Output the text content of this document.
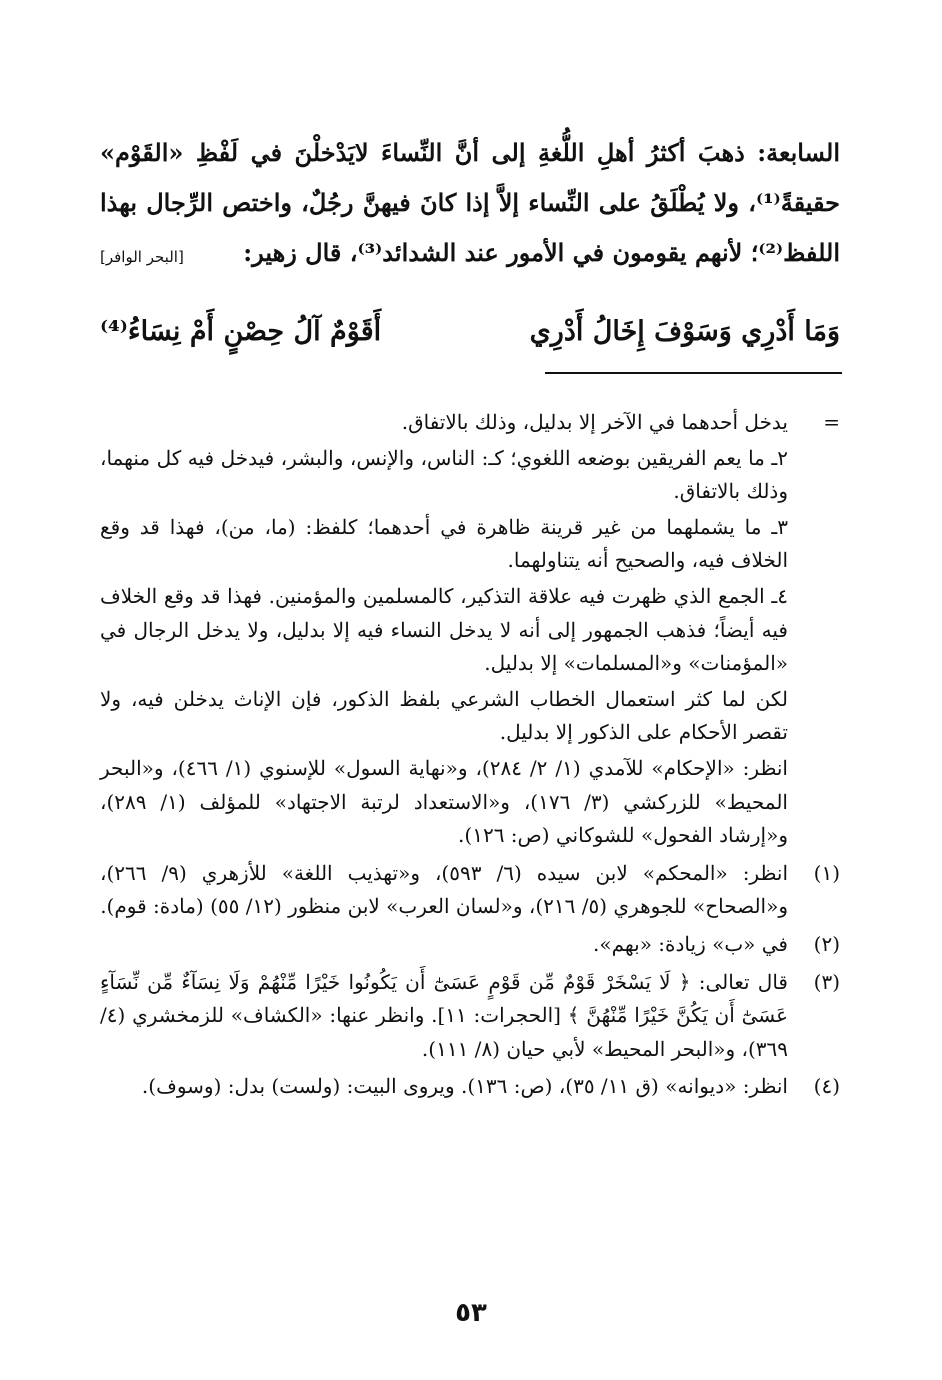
السابعة: ذهبَ أكثرُ أهلِ اللُّغةِ إلى أنَّ النِّساءَ لايَدْخلْنَ في لَفْظِ «القَوْم» حقيقةً⁽¹⁾، ولا يُطْلَقُ على النِّساء إلاَّ إذا كانَ فيهنَّ رجُلٌ، واختص الرِّجال بهذا اللفظ⁽²⁾؛ لأنهم يقومون في الأمور عند الشدائد⁽³⁾، قال زهير:
[البحر الوافر]

وَمَا أَدْرِي وَسَوْفَ إِخَالُ أَدْرِي
أَقَوْمٌ آلُ حِصْنٍ أَمْ نِسَاءُ⁽⁴⁾
=
يدخل أحدهما في الآخر إلا بدليل، وذلك بالاتفاق.
٢ـ ما يعم الفريقين بوضعه اللغوي؛ كـ: الناس، والإنس، والبشر، فيدخل فيه كل منهما، وذلك بالاتفاق.
٣ـ ما يشملهما من غير قرينة ظاهرة في أحدهما؛ كلفظ: (ما، من)، فهذا قد وقع الخلاف فيه، والصحيح أنه يتناولهما.
٤ـ الجمع الذي ظهرت فيه علاقة التذكير، كالمسلمين والمؤمنين. فهذا قد وقع الخلاف فيه أيضاً؛ فذهب الجمهور إلى أنه لا يدخل النساء فيه إلا بدليل، ولا يدخل الرجال في «المؤمنات» و«المسلمات» إلا بدليل.
لكن لما كثر استعمال الخطاب الشرعي بلفظ الذكور، فإن الإناث يدخلن فيه، ولا تقصر الأحكام على الذكور إلا بدليل.
انظر: «الإحكام» للآمدي (١/ ٢/ ٢٨٤)، و«نهاية السول» للإسنوي (١/ ٤٦٦)، و«البحر المحيط» للزركشي (٣/ ١٧٦)، و«الاستعداد لرتبة الاجتهاد» للمؤلف (١/ ٢٨٩)، و«إرشاد الفحول» للشوكاني (ص: ١٢٦).
(١)
انظر: «المحكم» لابن سيده (٦/ ٥٩٣)، و«تهذيب اللغة» للأزهري (٩/ ٢٦٦)، و«الصحاح» للجوهري (٥/ ٢١٦)، و«لسان العرب» لابن منظور (١٢/ ٥٥) (مادة: قوم).
(٢)
في «ب» زيادة: «بهم».
(٣)
قال تعالى: ﴿ لَا يَسْخَرْ قَوْمٌ مِّن قَوْمٍ عَسَىٰٓ أَن يَكُونُوا خَيْرًا مِّنْهُمْ وَلَا نِسَآءٌ مِّن نِّسَآءٍ عَسَىٰٓ أَن يَكُنَّ خَيْرًا مِّنْهُنَّ ﴾ [الحجرات: ١١]. وانظر عنها: «الكشاف» للزمخشري (٤/ ٣٦٩)، و«البحر المحيط» لأبي حيان (٨/ ١١١).
(٤)
انظر: «ديوانه» (ق ١١/ ٣٥)، (ص: ١٣٦). ويروى البيت: (ولست) بدل: (وسوف).
٥٣
